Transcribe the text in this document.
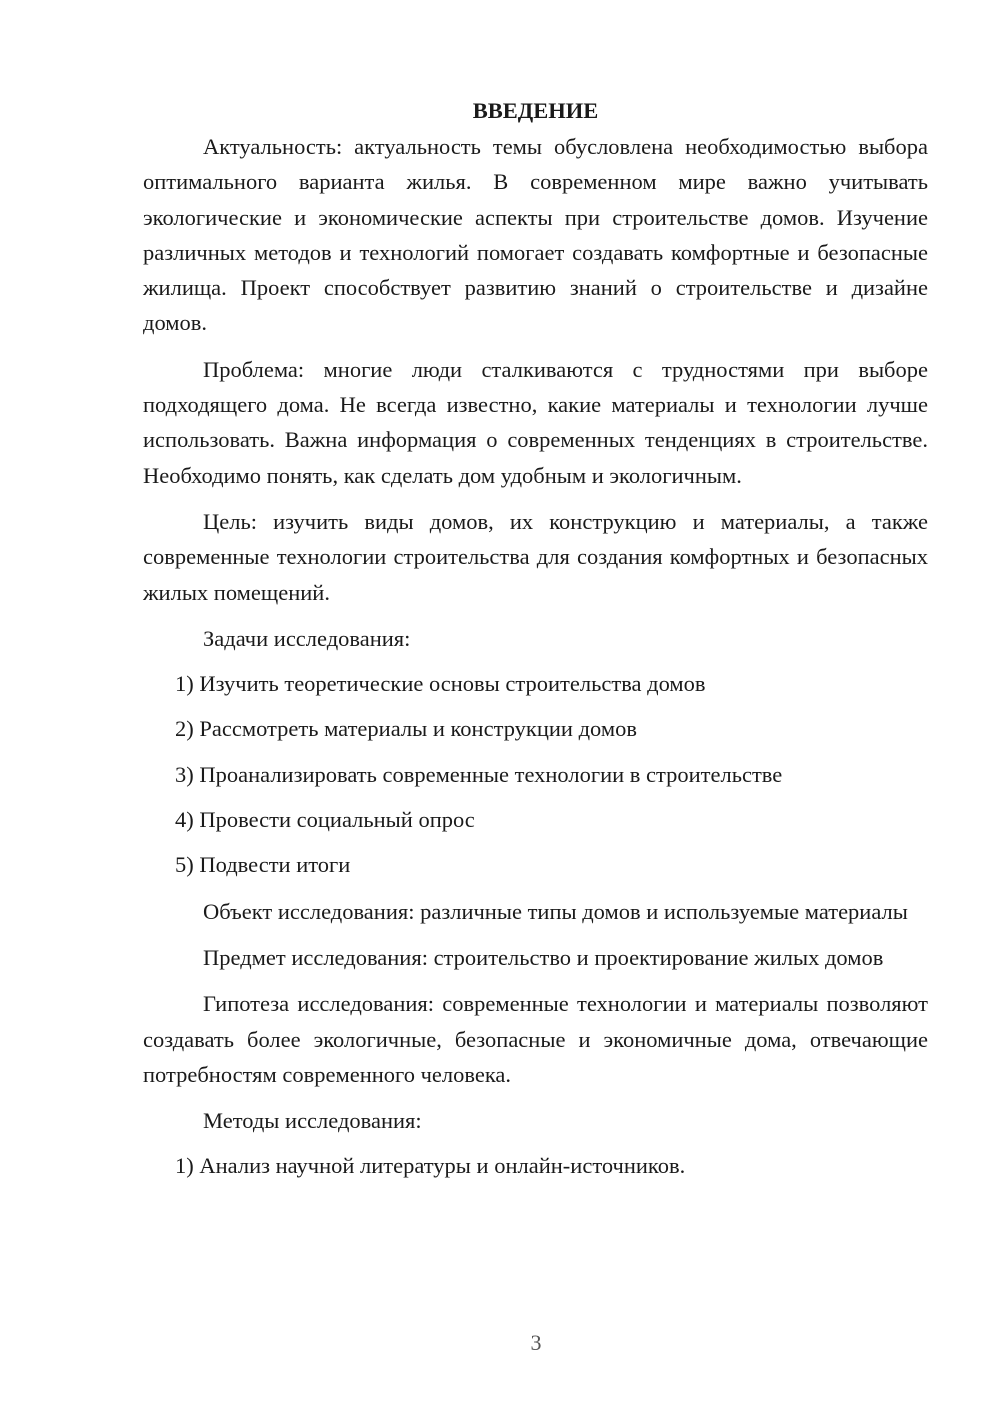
ВВЕДЕНИЕ

Актуальность: актуальность темы обусловлена необходимостью выбора оптимального варианта жилья. В современном мире важно учитывать экологические и экономические аспекты при строительстве домов. Изучение различных методов и технологий помогает создавать комфортные и безопасные жилища. Проект способствует развитию знаний о строительстве и дизайне домов.

Проблема: многие люди сталкиваются с трудностями при выборе подходящего дома. Не всегда известно, какие материалы и технологии лучше использовать. Важна информация о современных тенденциях в строительстве. Необходимо понять, как сделать дом удобным и экологичным.

Цель: изучить виды домов, их конструкцию и материалы, а также современные технологии строительства для создания комфортных и безопасных жилых помещений.

Задачи исследования:

1) Изучить теоретические основы строительства домов

2) Рассмотреть материалы и конструкции домов

3) Проанализировать современные технологии в строительстве

4) Провести социальный опрос

5) Подвести итоги

Объект исследования: различные типы домов и используемые материалы

Предмет исследования: строительство и проектирование жилых домов

Гипотеза исследования: современные технологии и материалы позволяют создавать более экологичные, безопасные и экономичные дома, отвечающие потребностям современного человека.

Методы исследования:

1) Анализ научной литературы и онлайн-источников.

3
